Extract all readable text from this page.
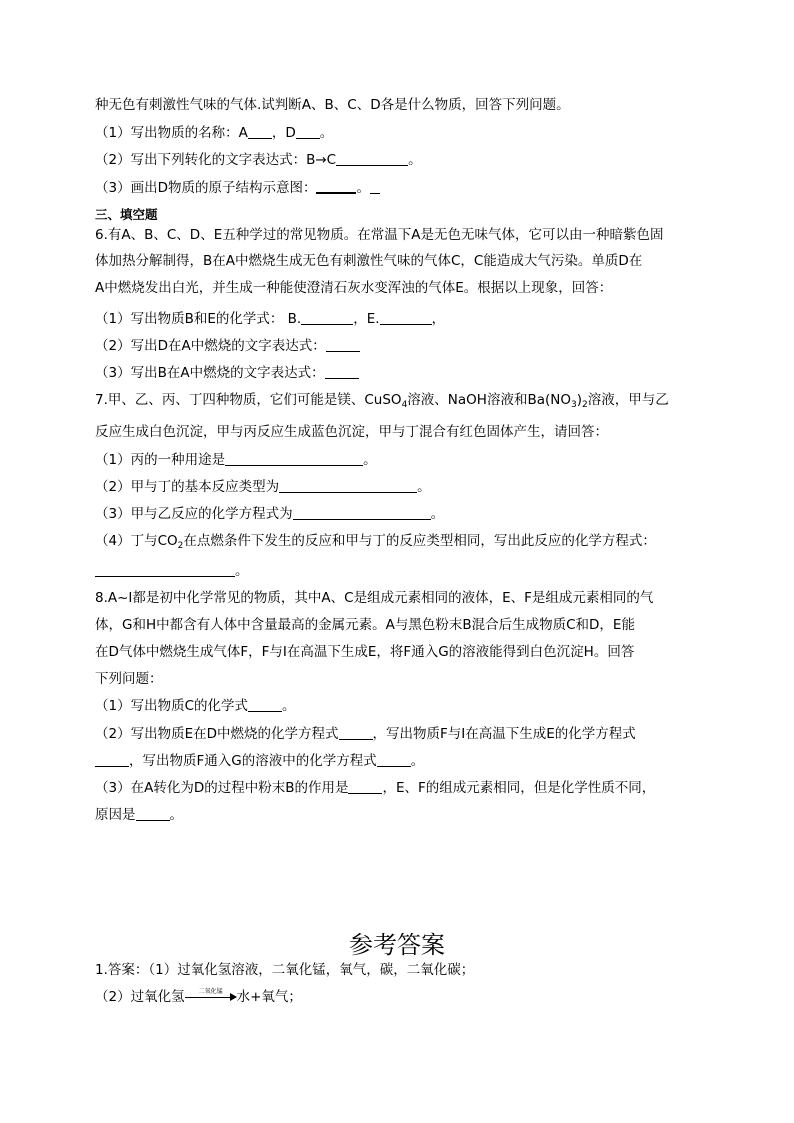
种无色有刺激性气味的气体.试判断A、B、C、D各是什么物质，回答下列问题。
（1）写出物质的名称：A ，D 。
（2）写出下列转化的文字表达式：B→C	。
（3）画出D物质的原子结构示意图：	。
三、填空题
6.有A、B、C、D、E五种学过的常见物质。在常温下A是无色无味气体，它可以由一种暗紫色固
体加热分解制得，B在A中燃烧生成无色有刺激性气味的气体C，C能造成大气污染。单质D在
A中燃烧发出白光，并生成一种能使澄清石灰水变浑浊的气体E。根据以上现象，回答：
（1）写出物质B和E的化学式： B.	，E.	，
（2）写出D在A中燃烧的文字表达式：
（3）写出B在A中燃烧的文字表达式：
7.甲、乙、丙、丁四种物质，它们可能是镁、CuSO$_4$溶液、NaOH溶液和$Ba(NO_3)_2$溶液，甲与乙
反应生成白色沉淀，甲与丙反应生成蓝色沉淀，甲与丁混合有红色固体产生，请回答：
（1）丙的一种用途是	。
（2）甲与丁的基本反应类型为	。
（3）甲与乙反应的化学方程式为	。
（4）丁与$CO_2$在点燃条件下发生的反应和甲与丁的反应类型相同，写出此反应的化学方程式：
。
8.A~I都是初中化学常见的物质，其中A、C是组成元素相同的液体，E、F是组成元素相同的气
体，G和H中都含有人体中含量最高的金属元素。A与黑色粉末B混合后生成物质C和D，E能
在D气体中燃烧生成气体F，F与I在高温下生成E，将F通入G的溶液能得到白色沉淀H。回答
下列问题：
（1）写出物质C的化学式	。
（2）写出物质E在D中燃烧的化学方程式	，写出物质F与I在高温下生成E的化学方程式
，写出物质F通入G的溶液中的化学方程式	。
（3）在A转化为D的过程中粉末B的作用是	，E、F的组成元素相同，但是化学性质不同，
原因是	。
参考答案
1.答案：（1）过氧化氢溶液，二氧化锰，氧气，碳，二氧化碳；
（2）过氧化氢	二氧化锰	水+氧气；
